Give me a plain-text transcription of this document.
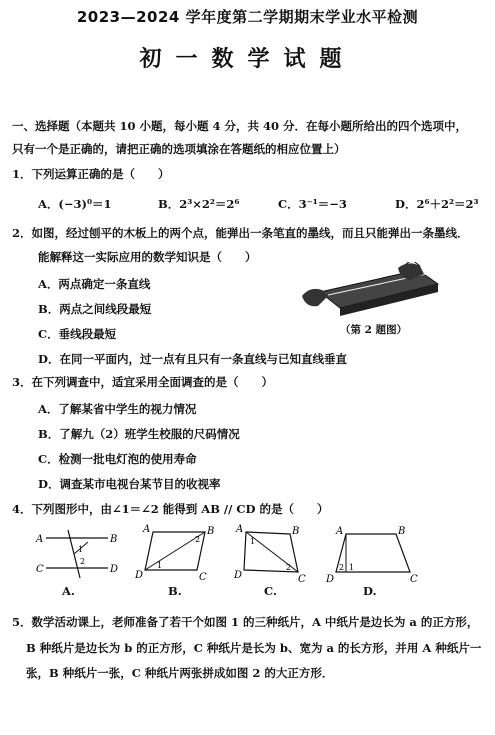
2023—2024 学年度第二学期期末学业水平检测
初一数学试题
一、选择题（本题共 10 小题，每小题 4 分，共 40 分．在每小题所给出的四个选项中，
只有一个是正确的，请把正确的选项填涂在答题纸的相应位置上）
1．下列运算正确的是（　　）
A．(−3)⁰＝1	B．2³×2²＝2⁶	C．3⁻¹＝−3	D．2⁶＋2²＝2³
2．如图，经过刨平的木板上的两个点，能弹出一条笔直的墨线，而且只能弹出一条墨线．
能解释这一实际应用的数学知识是（　　）
A．两点确定一条直线
B．两点之间线段最短
C．垂线段最短
D．在同一平面内，过一点有且只有一条直线与已知直线垂直
（第 2 题图）
3．在下列调查中，适宜采用全面调查的是（　　）
A．了解某省中学生的视力情况
B．了解九（2）班学生校服的尺码情况
C．检测一批电灯泡的使用寿命
D．调查某市电视台某节目的收视率
4．下列图形中，由∠1＝∠2 能得到 AB // CD 的是（　　）
A	B
C	D
1
2
A.
A	B
C
D
1
2
B.
A	B
C
D
1
2
C.
A	B
C
D
1
2
D.
5．数学活动课上，老师准备了若干个如图 1 的三种纸片，A 中纸片是边长为 a 的正方形，
B 种纸片是边长为 b 的正方形，C 种纸片是长为 b、宽为 a 的长方形，并用 A 种纸片一
张，B 种纸片一张，C 种纸片两张拼成如图 2 的大正方形．
